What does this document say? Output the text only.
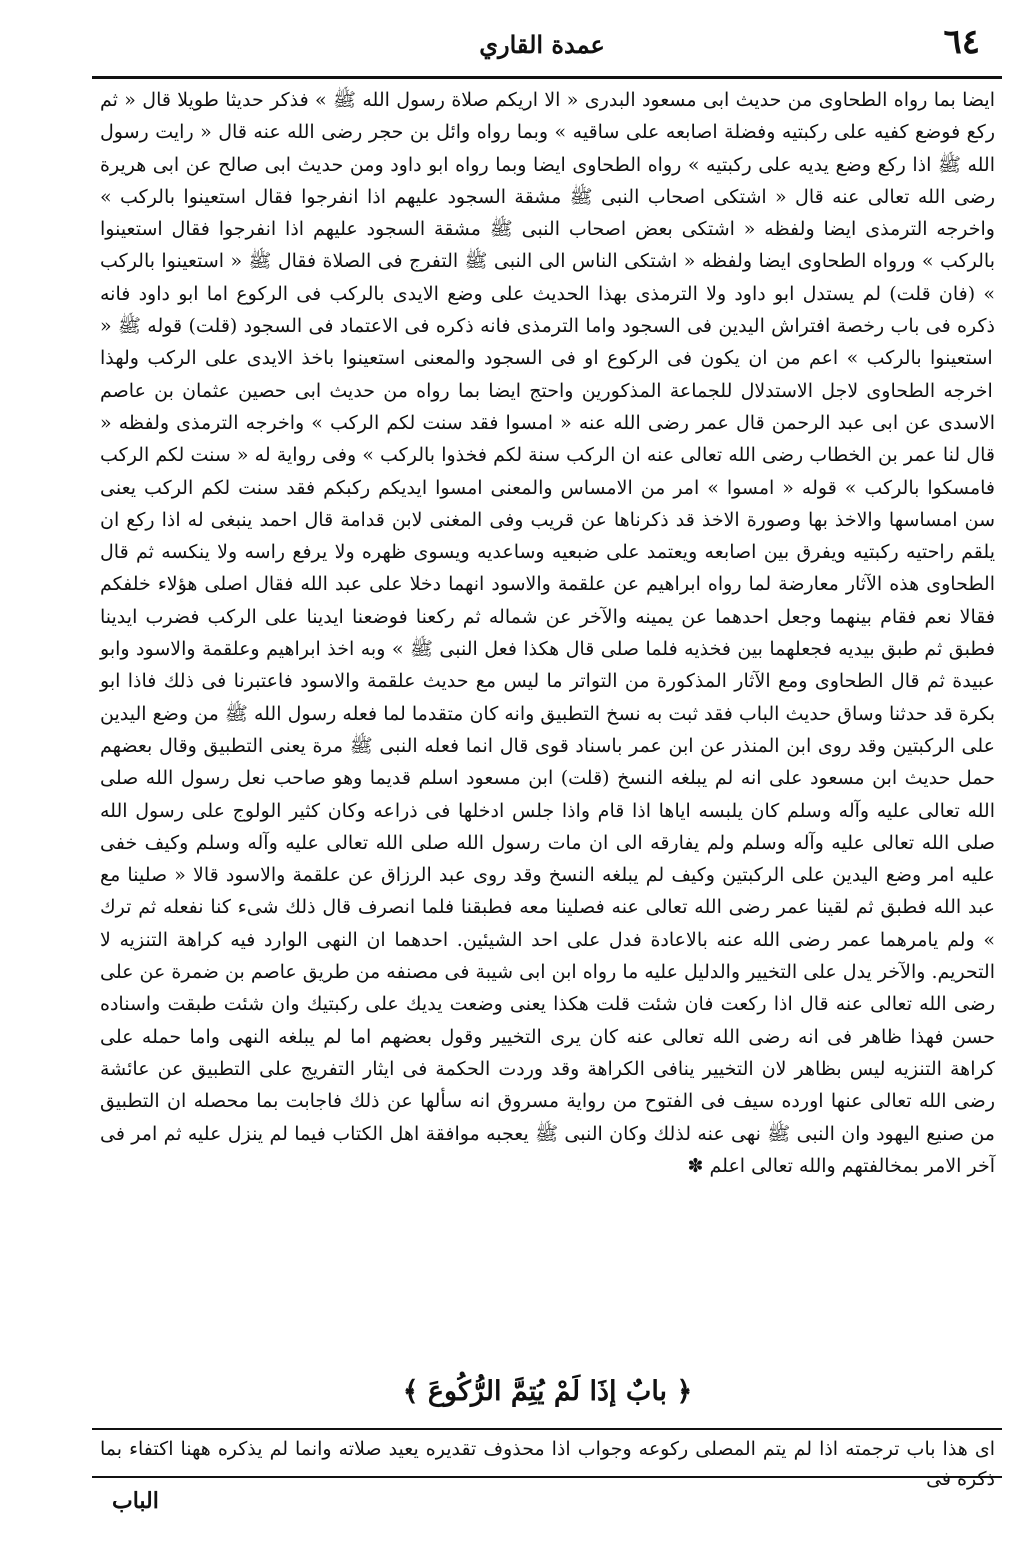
٦٤
عمدة القاري

ايضا بما رواه الطحاوى من حديث ابى مسعود البدرى « الا اريكم صلاة رسول الله ﷺ » فذكر حديثا طويلا قال « ثم ركع فوضع كفيه على ركبتيه وفضلة اصابعه على ساقيه » وبما رواه وائل بن حجر رضى الله عنه قال « رايت رسول الله ﷺ اذا ركع وضع يديه على ركبتيه » رواه الطحاوى ايضا وبما رواه ابو داود ومن حديث ابى صالح عن ابى هريرة رضى الله تعالى عنه قال « اشتكى اصحاب النبى ﷺ مشقة السجود عليهم اذا انفرجوا فقال استعينوا بالركب » واخرجه الترمذى ايضا ولفظه « اشتكى بعض اصحاب النبى ﷺ مشقة السجود عليهم اذا انفرجوا فقال استعينوا بالركب » ورواه الطحاوى ايضا ولفظه « اشتكى الناس الى النبى ﷺ التفرج فى الصلاة فقال ﷺ « استعينوا بالركب » (فان قلت) لم يستدل ابو داود ولا الترمذى بهذا الحديث على وضع الايدى بالركب فى الركوع اما ابو داود فانه ذكره فى باب رخصة افتراش اليدين فى السجود واما الترمذى فانه ذكره فى الاعتماد فى السجود (قلت) قوله ﷺ « استعينوا بالركب » اعم من ان يكون فى الركوع او فى السجود والمعنى استعينوا باخذ الايدى على الركب ولهذا اخرجه الطحاوى لاجل الاستدلال للجماعة المذكورين واحتج ايضا بما رواه من حديث ابى حصين عثمان بن عاصم الاسدى عن ابى عبد الرحمن قال عمر رضى الله عنه « امسوا فقد سنت لكم الركب » واخرجه الترمذى ولفظه « قال لنا عمر بن الخطاب رضى الله تعالى عنه ان الركب سنة لكم فخذوا بالركب » وفى رواية له « سنت لكم الركب فامسكوا بالركب » قوله « امسوا » امر من الامساس والمعنى امسوا ايديكم ركبكم فقد سنت لكم الركب يعنى سن امساسها والاخذ بها وصورة الاخذ قد ذكرناها عن قريب وفى المغنى لابن قدامة قال احمد ينبغى له اذا ركع ان يلقم راحتيه ركبتيه ويفرق بين اصابعه ويعتمد على ضبعيه وساعديه ويسوى ظهره ولا يرفع راسه ولا ينكسه ثم قال الطحاوى هذه الآثار معارضة لما رواه ابراهيم عن علقمة والاسود انهما دخلا على عبد الله فقال اصلى هؤلاء خلفكم فقالا نعم فقام بينهما وجعل احدهما عن يمينه والآخر عن شماله ثم ركعنا فوضعنا ايدينا على الركب فضرب ايدينا فطبق ثم طبق بيديه فجعلهما بين فخذيه فلما صلى قال هكذا فعل النبى ﷺ » وبه اخذ ابراهيم وعلقمة والاسود وابو عبيدة ثم قال الطحاوى ومع الآثار المذكورة من التواتر ما ليس مع حديث علقمة والاسود فاعتبرنا فى ذلك فاذا ابو بكرة قد حدثنا وساق حديث الباب فقد ثبت به نسخ التطبيق وانه كان متقدما لما فعله رسول الله ﷺ من وضع اليدين على الركبتين وقد روى ابن المنذر عن ابن عمر باسناد قوى قال انما فعله النبى ﷺ مرة يعنى التطبيق وقال بعضهم حمل حديث ابن مسعود على انه لم يبلغه النسخ (قلت) ابن مسعود اسلم قديما وهو صاحب نعل رسول الله صلى الله تعالى عليه وآله وسلم كان يلبسه اياها اذا قام واذا جلس ادخلها فى ذراعه وكان كثير الولوج على رسول الله صلى الله تعالى عليه وآله وسلم ولم يفارقه الى ان مات رسول الله صلى الله تعالى عليه وآله وسلم وكيف خفى عليه امر وضع اليدين على الركبتين وكيف لم يبلغه النسخ وقد روى عبد الرزاق عن علقمة والاسود قالا « صلينا مع عبد الله فطبق ثم لقينا عمر رضى الله تعالى عنه فصلينا معه فطبقنا فلما انصرف قال ذلك شىء كنا نفعله ثم ترك » ولم يامرهما عمر رضى الله عنه بالاعادة فدل على احد الشيئين. احدهما ان النهى الوارد فيه كراهة التنزيه لا التحريم. والآخر يدل على التخيير والدليل عليه ما رواه ابن ابى شيبة فى مصنفه من طريق عاصم بن ضمرة عن على رضى الله تعالى عنه قال اذا ركعت فان شئت قلت هكذا يعنى وضعت يديك على ركبتيك وان شئت طبقت واسناده حسن فهذا ظاهر فى انه رضى الله تعالى عنه كان يرى التخيير وقول بعضهم اما لم يبلغه النهى واما حمله على كراهة التنزيه ليس بظاهر لان التخيير ينافى الكراهة وقد وردت الحكمة فى ايثار التفريج على التطبيق عن عائشة رضى الله تعالى عنها اورده سيف فى الفتوح من رواية مسروق انه سألها عن ذلك فاجابت بما محصله ان التطبيق من صنيع اليهود وان النبى ﷺ نهى عنه لذلك وكان النبى ﷺ يعجبه موافقة اهل الكتاب فيما لم ينزل عليه ثم امر فى آخر الامر بمخالفتهم والله تعالى اعلم ✽

﴿ بابٌ إذَا لَمْ يُتِمَّ الرُّكُوعَ ﴾
اى هذا باب ترجمته اذا لم يتم المصلى ركوعه وجواب اذا محذوف تقديره يعيد صلاته وانما لم يذكره ههنا اكتفاء بما ذكره فى
الباب
